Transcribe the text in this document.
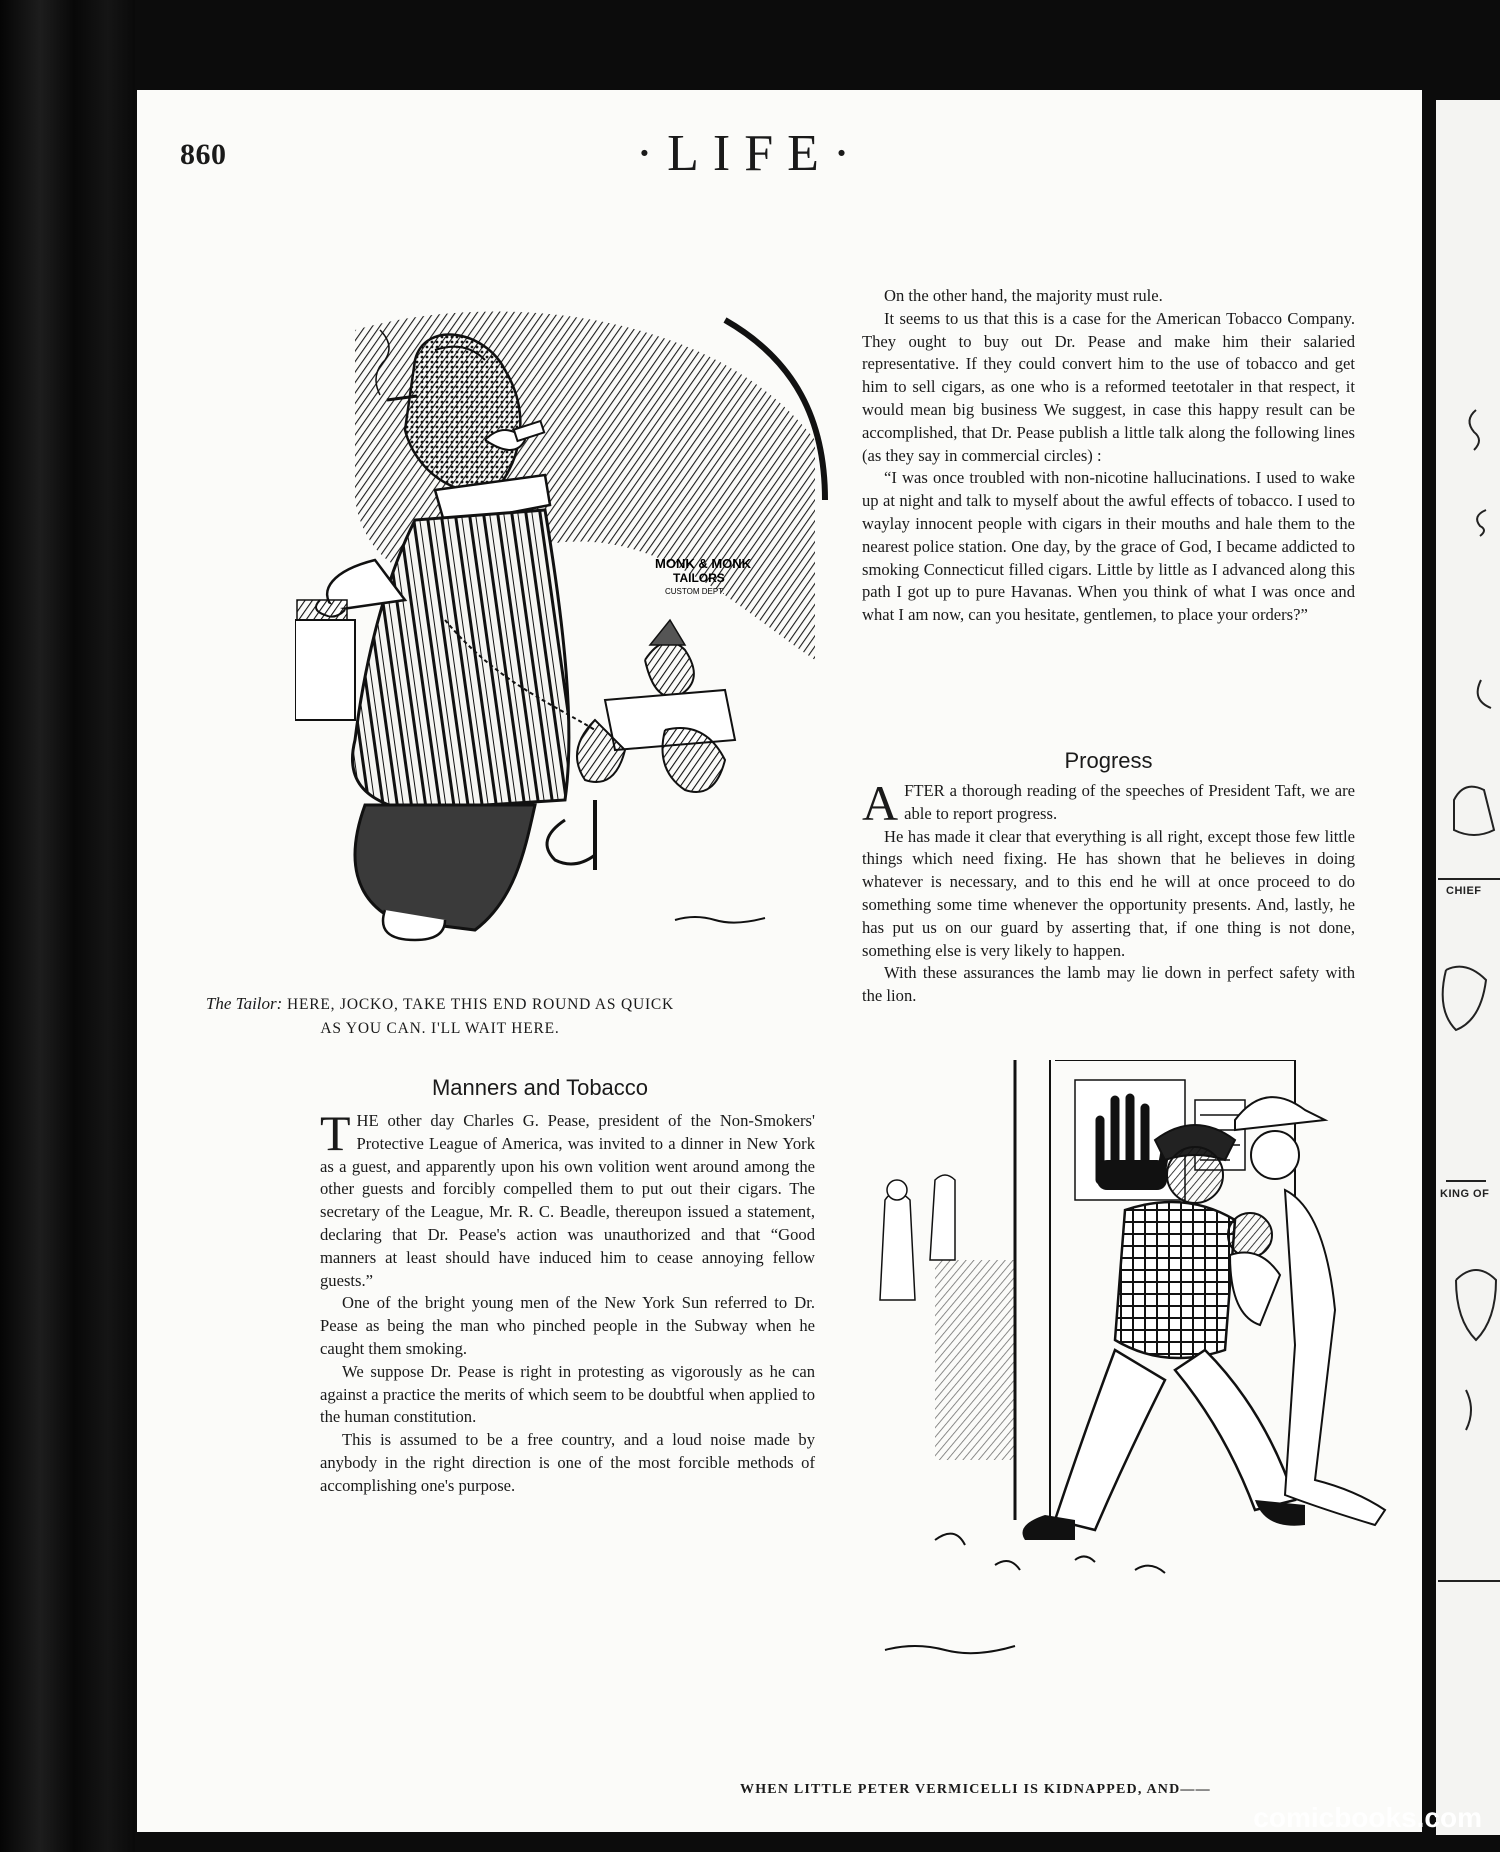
CHIEF
KING OF
860	·LIFE·
MONK & MONK
TAILORS
CUSTOM DEPT.
The Tailor: HERE, JOCKO, TAKE THIS END ROUND AS QUICK
AS YOU CAN. I'LL WAIT HERE.
Manners and Tobacco

THE other day Charles G. Pease, president of the Non-Smokers' Protective League of America, was invited to a dinner in New York as a guest, and apparently upon his own volition went around among the other guests and forcibly compelled them to put out their cigars. The secretary of the League, Mr. R. C. Beadle, thereupon issued a statement, declaring that Dr. Pease's action was unauthorized and that “Good manners at least should have induced him to cease annoying fellow guests.”

One of the bright young men of the New York Sun referred to Dr. Pease as being the man who pinched people in the Subway when he caught them smoking.

We suppose Dr. Pease is right in protesting as vigorously as he can against a practice the merits of which seem to be doubtful when applied to the human constitution.

This is assumed to be a free country, and a loud noise made by anybody in the right direction is one of the most forcible methods of accomplishing one's purpose.

On the other hand, the majority must rule.

It seems to us that this is a case for the American Tobacco Company. They ought to buy out Dr. Pease and make him their salaried representative. If they could convert him to the use of tobacco and get him to sell cigars, as one who is a reformed teetotaler in that respect, it would mean big business We suggest, in case this happy result can be accomplished, that Dr. Pease publish a little talk along the following lines (as they say in commercial circles) :

“I was once troubled with non-nicotine hallucinations. I used to wake up at night and talk to myself about the awful effects of tobacco. I used to waylay innocent people with cigars in their mouths and hale them to the nearest police station. One day, by the grace of God, I became addicted to smoking Connecticut filled cigars. Little by little as I advanced along this path I got up to pure Havanas. When you think of what I was once and what I am now, can you hesitate, gentlemen, to place your orders?”

Progress

AFTER a thorough reading of the speeches of President Taft, we are able to report progress.

He has made it clear that everything is all right, except those few little things which need fixing. He has shown that he believes in doing whatever is necessary, and to this end he will at once proceed to do something some time whenever the opportunity presents. And, lastly, he has put us on our guard by asserting that, if one thing is not done, something else is very likely to happen.

With these assurances the lamb may lie down in perfect safety with the lion.

WHEN LITTLE PETER VERMICELLI IS KIDNAPPED, AND——
comicbooks.com
